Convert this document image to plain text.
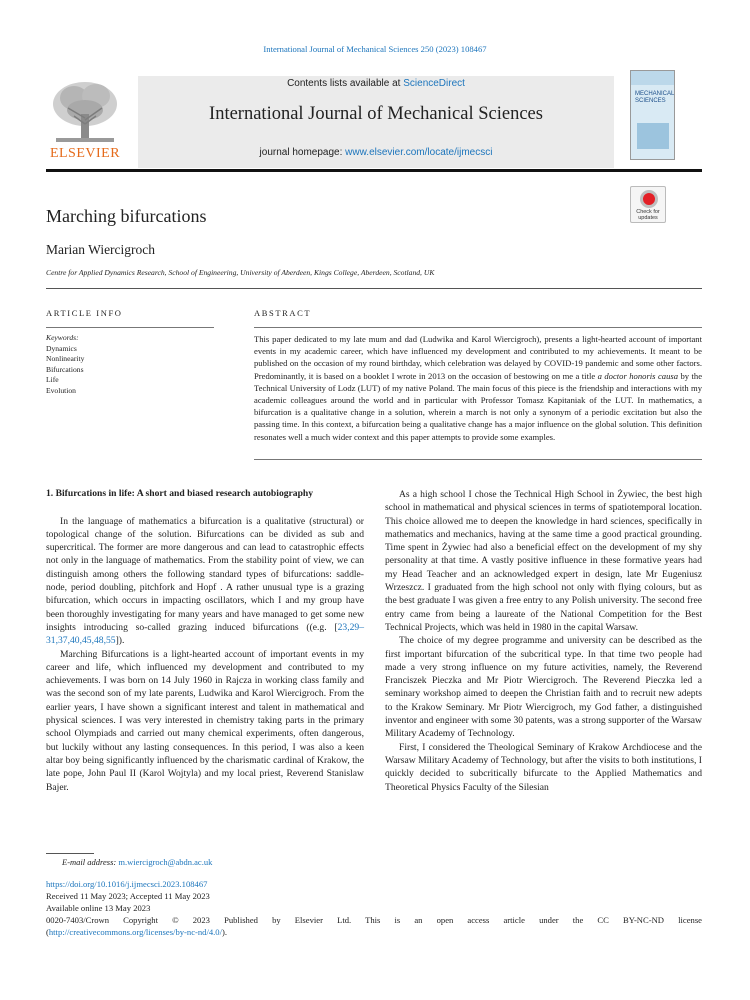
International Journal of Mechanical Sciences 250 (2023) 108467
ELSEVIER
Contents lists available at ScienceDirect
International Journal of Mechanical Sciences
journal homepage: www.elsevier.com/locate/ijmecsci
MECHANICAL SCIENCES
Marching bifurcations	Check for updates
Marian Wiercigroch
Centre for Applied Dynamics Research, School of Engineering, University of Aberdeen, Kings College, Aberdeen, Scotland, UK
ARTICLE INFO	ABSTRACT
Keywords:
Dynamics
Nonlinearity
Bifurcations
Life
Evolution
This paper dedicated to my late mum and dad (Ludwika and Karol Wiercigroch), presents a light-hearted account of important events in my academic career, which have influenced my development and contributed to my achievements. It meant to be published on the occasion of my round birthday, which celebration was delayed by COVID-19 pandemic and some other factors. Predominantly, it is based on a booklet I wrote in 2013 on the occasion of bestowing on me a title a doctor honoris causa by the Technical University of Lodz (LUT) of my native Poland. The main focus of this piece is the friendship and interactions with my academic colleagues around the world and in particular with Professor Tomasz Kapitaniak of the LUT. In mathematics, a bifurcation is a qualitative change in a solution, wherein a march is not only a synonym of a periodic excitation but also the passing time. In this context, a bifurcation being a qualitative change has a major influence on the global solution. This definition resonates well a much wider context and this paper attempts to provide some examples.
1. Bifurcations in life: A short and biased research autobiography

In the language of mathematics a bifurcation is a qualitative (structural) or topological change of the solution. Bifurcations can be divided as sub and supercritical. The former are more dangerous and can lead to catastrophic effects not only in the language of mathematics. From the stability point of view, we can distinguish among others the following standard types of bifurcations: saddle-node, period doubling, pitchfork and Hopf . A rather unusual type is a grazing bifurcation, which occurs in impacting oscillators, which I and my group have been thoroughly investigating for many years and have managed to get some new insights introducing so-called grazing induced bifurcations ((e.g. [23,29–31,37,40,45,48,55]).

Marching Bifurcations is a light-hearted account of important events in my career and life, which influenced my development and contributed to my achievements. I was born on 14 July 1960 in Rajcza in working class family and was the second son of my late parents, Ludwika and Karol Wiercigroch. From the earlier years, I have shown a significant interest and talent in mathematical and physical sciences. I was very interested in chemistry taking parts in the primary school Olympiads and carried out many chemical experiments, often dangerous, but luckily without any lasting consequences. In this period, I was also a keen altar boy being significantly influenced by the charismatic cardinal of Krakow, the late pope, John Paul II (Karol Wojtyla) and my local priest, Reverend Stanislaw Bajer.

As a high school I chose the Technical High School in Żywiec, the best high school in mathematical and physical sciences in terms of spatiotemporal location. This choice allowed me to deepen the knowledge in hard sciences, specifically in mathematics and mechanics, having at the same time a good practical grounding. Time spent in Żywiec had also a beneficial effect on the development of my shy personality at that time. A vastly positive influence in these formative years had my Head Teacher and an acknowledged expert in design, late Mr Eugeniusz Wrzeszcz. I graduated from the high school not only with flying colours, but as the best graduate I was given a free entry to any Polish university. The second free entry came from being a laureate of the National Competition for the Best Technical Projects, which was held in 1980 in the capital Warsaw.

The choice of my degree programme and university can be described as the first important bifurcation of the subcritical type. In that time two people had made a very strong influence on my future activities, namely, the Reverend Franciszek Pieczka and Mr Piotr Wiercigroch. The Reverend Pieczka led a seminary workshop aimed to deepen the Christian faith and to recruit new adepts to the Krakow Seminary. Mr Piotr Wiercigroch, my God father, a distinguished inventor and engineer with some 30 patents, was a strong supporter of the Warsaw Military Academy of Technology.

First, I considered the Theological Seminary of Krakow Archdiocese and the Warsaw Military Academy of Technology, but after the visits to both institutions, I quickly decided to subcritically bifurcate to the Applied Mathematics and Theoretical Physics Faculty of the Silesian

E-mail address: m.wiercigroch@abdn.ac.uk
https://doi.org/10.1016/j.ijmecsci.2023.108467
Received 11 May 2023; Accepted 11 May 2023
Available online 13 May 2023
0020-7403/Crown Copyright © 2023 Published by Elsevier Ltd. This is an open access article under the CC BY-NC-ND license
(http://creativecommons.org/licenses/by-nc-nd/4.0/).
